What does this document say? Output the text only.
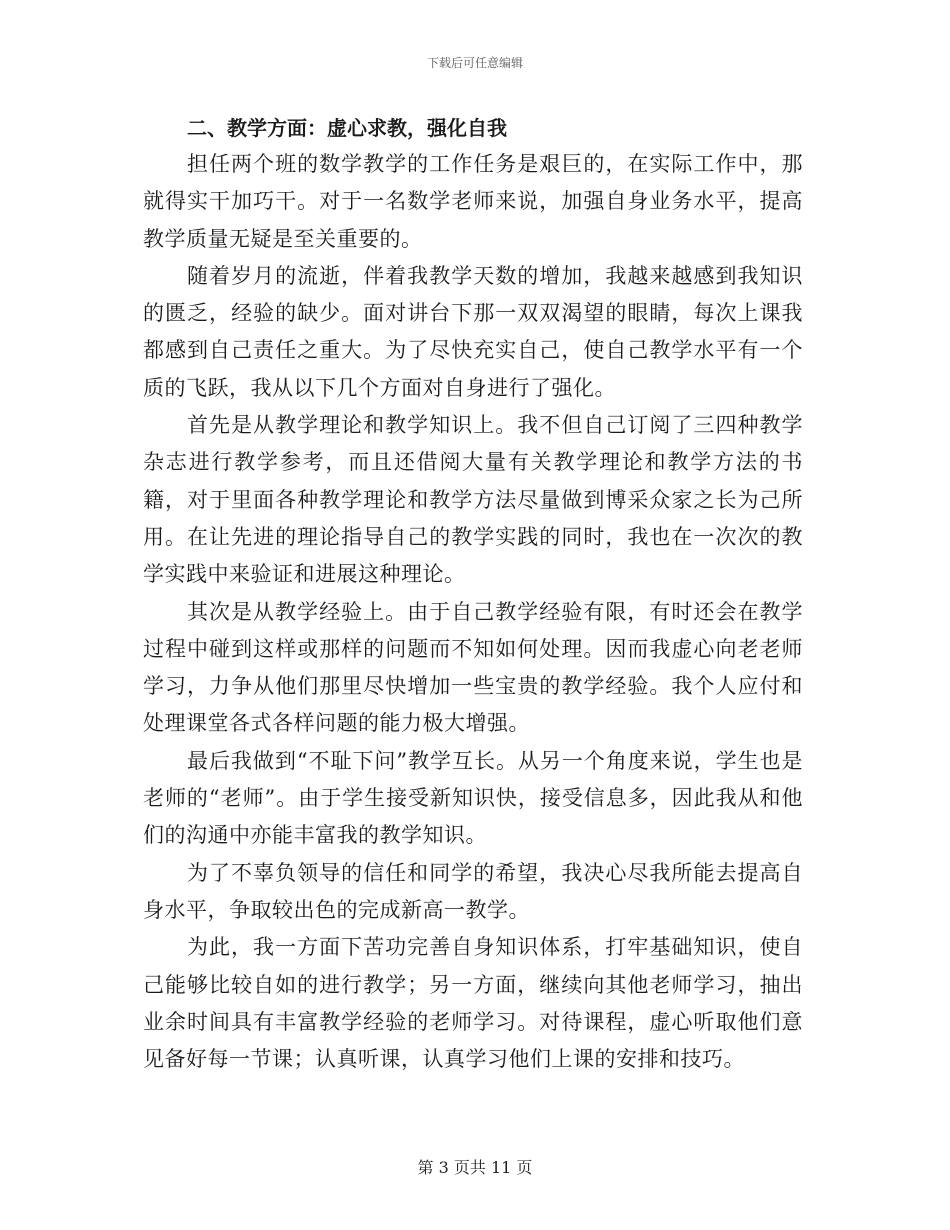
下载后可任意编辑
二、教学方面：虚心求教，强化自我

担任两个班的数学教学的工作任务是艰巨的，在实际工作中，那就得实干加巧干。对于一名数学老师来说，加强自身业务水平，提高教学质量无疑是至关重要的。

随着岁月的流逝，伴着我教学天数的增加，我越来越感到我知识的匮乏，经验的缺少。面对讲台下那一双双渴望的眼睛，每次上课我都感到自己责任之重大。为了尽快充实自己，使自己教学水平有一个质的飞跃，我从以下几个方面对自身进行了强化。

首先是从教学理论和教学知识上。我不但自己订阅了三四种教学杂志进行教学参考，而且还借阅大量有关教学理论和教学方法的书籍，对于里面各种教学理论和教学方法尽量做到博采众家之长为己所用。在让先进的理论指导自己的教学实践的同时，我也在一次次的教学实践中来验证和进展这种理论。

其次是从教学经验上。由于自己教学经验有限，有时还会在教学过程中碰到这样或那样的问题而不知如何处理。因而我虚心向老老师学习，力争从他们那里尽快增加一些宝贵的教学经验。我个人应付和处理课堂各式各样问题的能力极大增强。

最后我做到“不耻下问”教学互长。从另一个角度来说，学生也是老师的“老师”。由于学生接受新知识快，接受信息多，因此我从和他们的沟通中亦能丰富我的教学知识。

为了不辜负领导的信任和同学的希望，我决心尽我所能去提高自身水平，争取较出色的完成新高一教学。

为此，我一方面下苦功完善自身知识体系，打牢基础知识，使自己能够比较自如的进行教学；另一方面，继续向其他老师学习，抽出业余时间具有丰富教学经验的老师学习。对待课程，虚心听取他们意见备好每一节课；认真听课，认真学习他们上课的安排和技巧。

第 3 页共 11 页
